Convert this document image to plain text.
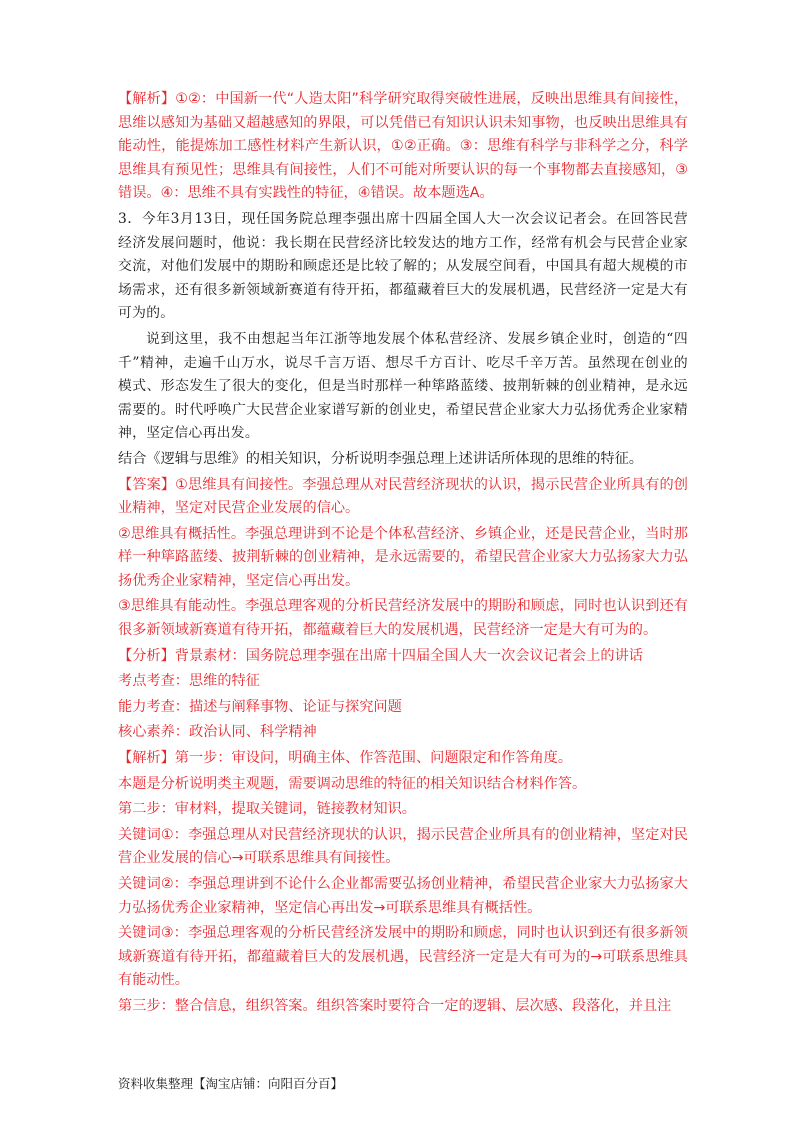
【解析】①②：中国新一代“人造太阳”科学研究取得突破性进展，反映出思维具有间接性，思维以感知为基础又超越感知的界限，可以凭借已有知识认识未知事物，也反映出思维具有能动性，能提炼加工感性材料产生新认识，①②正确。③：思维有科学与非科学之分，科学思维具有预见性；思维具有间接性，人们不可能对所要认识的每一个事物都去直接感知，③错误。④：思维不具有实践性的特征，④错误。故本题选A。

3．今年3月13日，现任国务院总理李强出席十四届全国人大一次会议记者会。在回答民营经济发展问题时，他说：我长期在民营经济比较发达的地方工作，经常有机会与民营企业家交流，对他们发展中的期盼和顾虑还是比较了解的；从发展空间看，中国具有超大规模的市场需求，还有很多新领域新赛道有待开拓，都蕴藏着巨大的发展机遇，民营经济一定是大有可为的。

说到这里，我不由想起当年江浙等地发展个体私营经济、发展乡镇企业时，创造的“四千”精神，走遍千山万水，说尽千言万语、想尽千方百计、吃尽千辛万苦。虽然现在创业的模式、形态发生了很大的变化，但是当时那样一种筚路蓝缕、披荆斩棘的创业精神，是永远需要的。时代呼唤广大民营企业家谱写新的创业史，希望民营企业家大力弘扬优秀企业家精神，坚定信心再出发。

结合《逻辑与思维》的相关知识，分析说明李强总理上述讲话所体现的思维的特征。

【答案】①思维具有间接性。李强总理从对民营经济现状的认识，揭示民营企业所具有的创业精神，坚定对民营企业发展的信心。

②思维具有概括性。李强总理讲到不论是个体私营经济、乡镇企业，还是民营企业，当时那样一种筚路蓝缕、披荆斩棘的创业精神，是永远需要的，希望民营企业家大力弘扬家大力弘扬优秀企业家精神，坚定信心再出发。

③思维具有能动性。李强总理客观的分析民营经济发展中的期盼和顾虑，同时也认识到还有很多新领域新赛道有待开拓，都蕴藏着巨大的发展机遇，民营经济一定是大有可为的。

【分析】背景素材：国务院总理李强在出席十四届全国人大一次会议记者会上的讲话

考点考查：思维的特征

能力考查：描述与阐释事物、论证与探究问题

核心素养：政治认同、科学精神

【解析】第一步：审设问，明确主体、作答范围、问题限定和作答角度。

本题是分析说明类主观题，需要调动思维的特征的相关知识结合材料作答。

第二步：审材料，提取关键词，链接教材知识。

关键词①：李强总理从对民营经济现状的认识，揭示民营企业所具有的创业精神，坚定对民营企业发展的信心→可联系思维具有间接性。

关键词②：李强总理讲到不论什么企业都需要弘扬创业精神，希望民营企业家大力弘扬家大力弘扬优秀企业家精神，坚定信心再出发→可联系思维具有概括性。

关键词③：李强总理客观的分析民营经济发展中的期盼和顾虑，同时也认识到还有很多新领域新赛道有待开拓，都蕴藏着巨大的发展机遇，民营经济一定是大有可为的→可联系思维具有能动性。

第三步：整合信息，组织答案。组织答案时要符合一定的逻辑、层次感、段落化，并且注

资料收集整理【淘宝店铺：向阳百分百】
